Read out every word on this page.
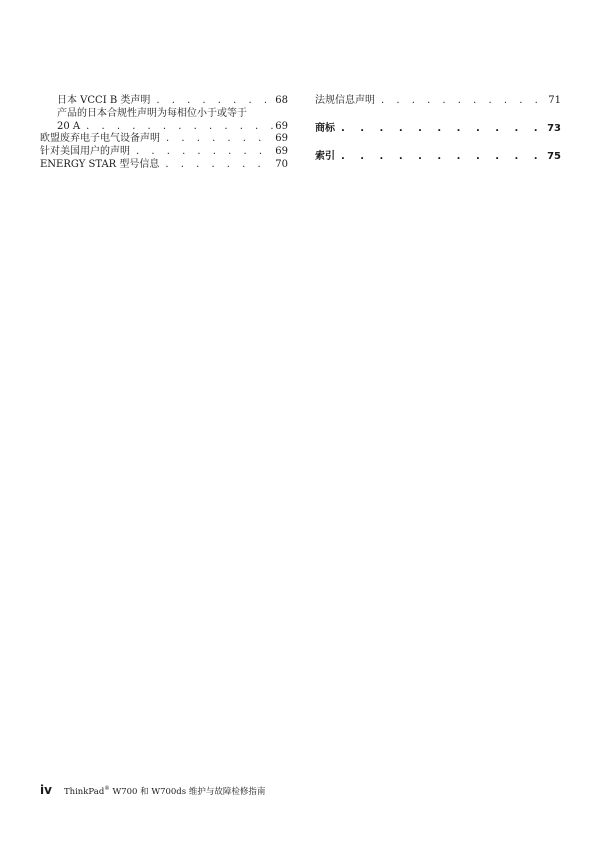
日本 VCCI B 类声明 . . .	68
产品的日本合规性声明为每相位小于或等于
20 A . . .	69
欧盟废弃电子电气设备声明 . . .	69
针对美国用户的声明 . . .	69
ENERGY STAR 型号信息 . . .	70
法规信息声明 . . .	71
商标 . . .	73
索引 . . .	75
iv ThinkPad® W700 和 W700ds 维护与故障检修指南
